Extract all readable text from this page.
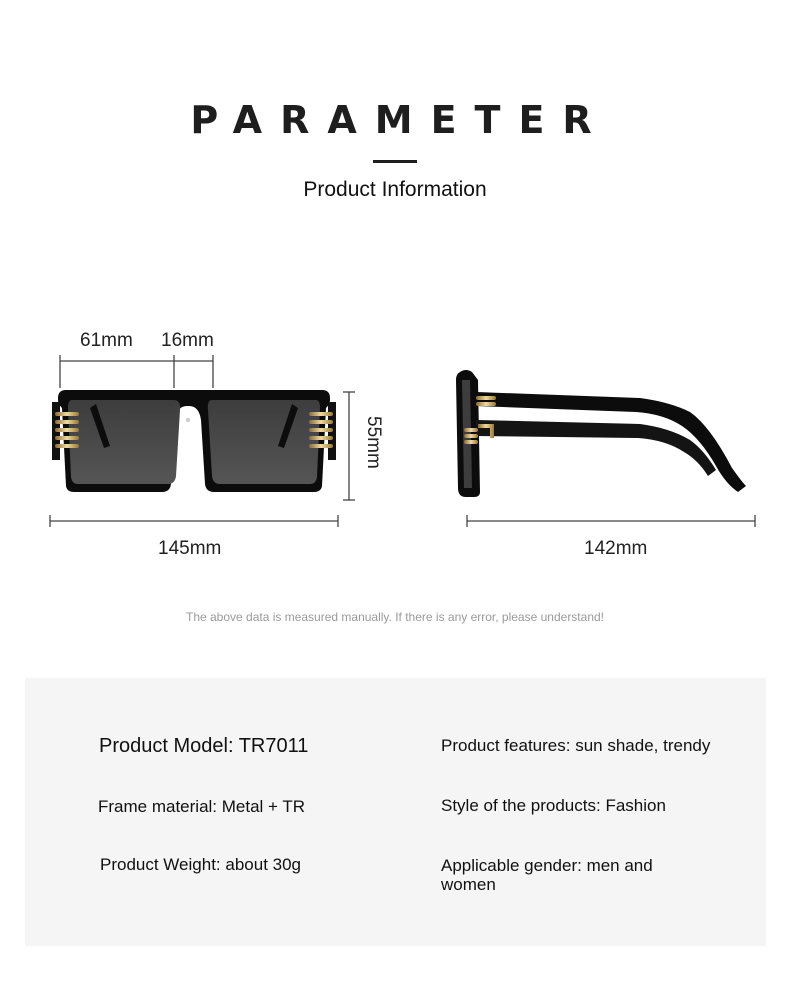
PARAMETER
Product Information
61mm 16mm
55mm
145mm	142mm
The above data is measured manually. If there is any error, please understand!
Product Model: TR7011
Frame material: Metal + TR
Product Weight: about 30g
Product features: sun shade, trendy
Style of the products: Fashion
Applicable gender: men and women
